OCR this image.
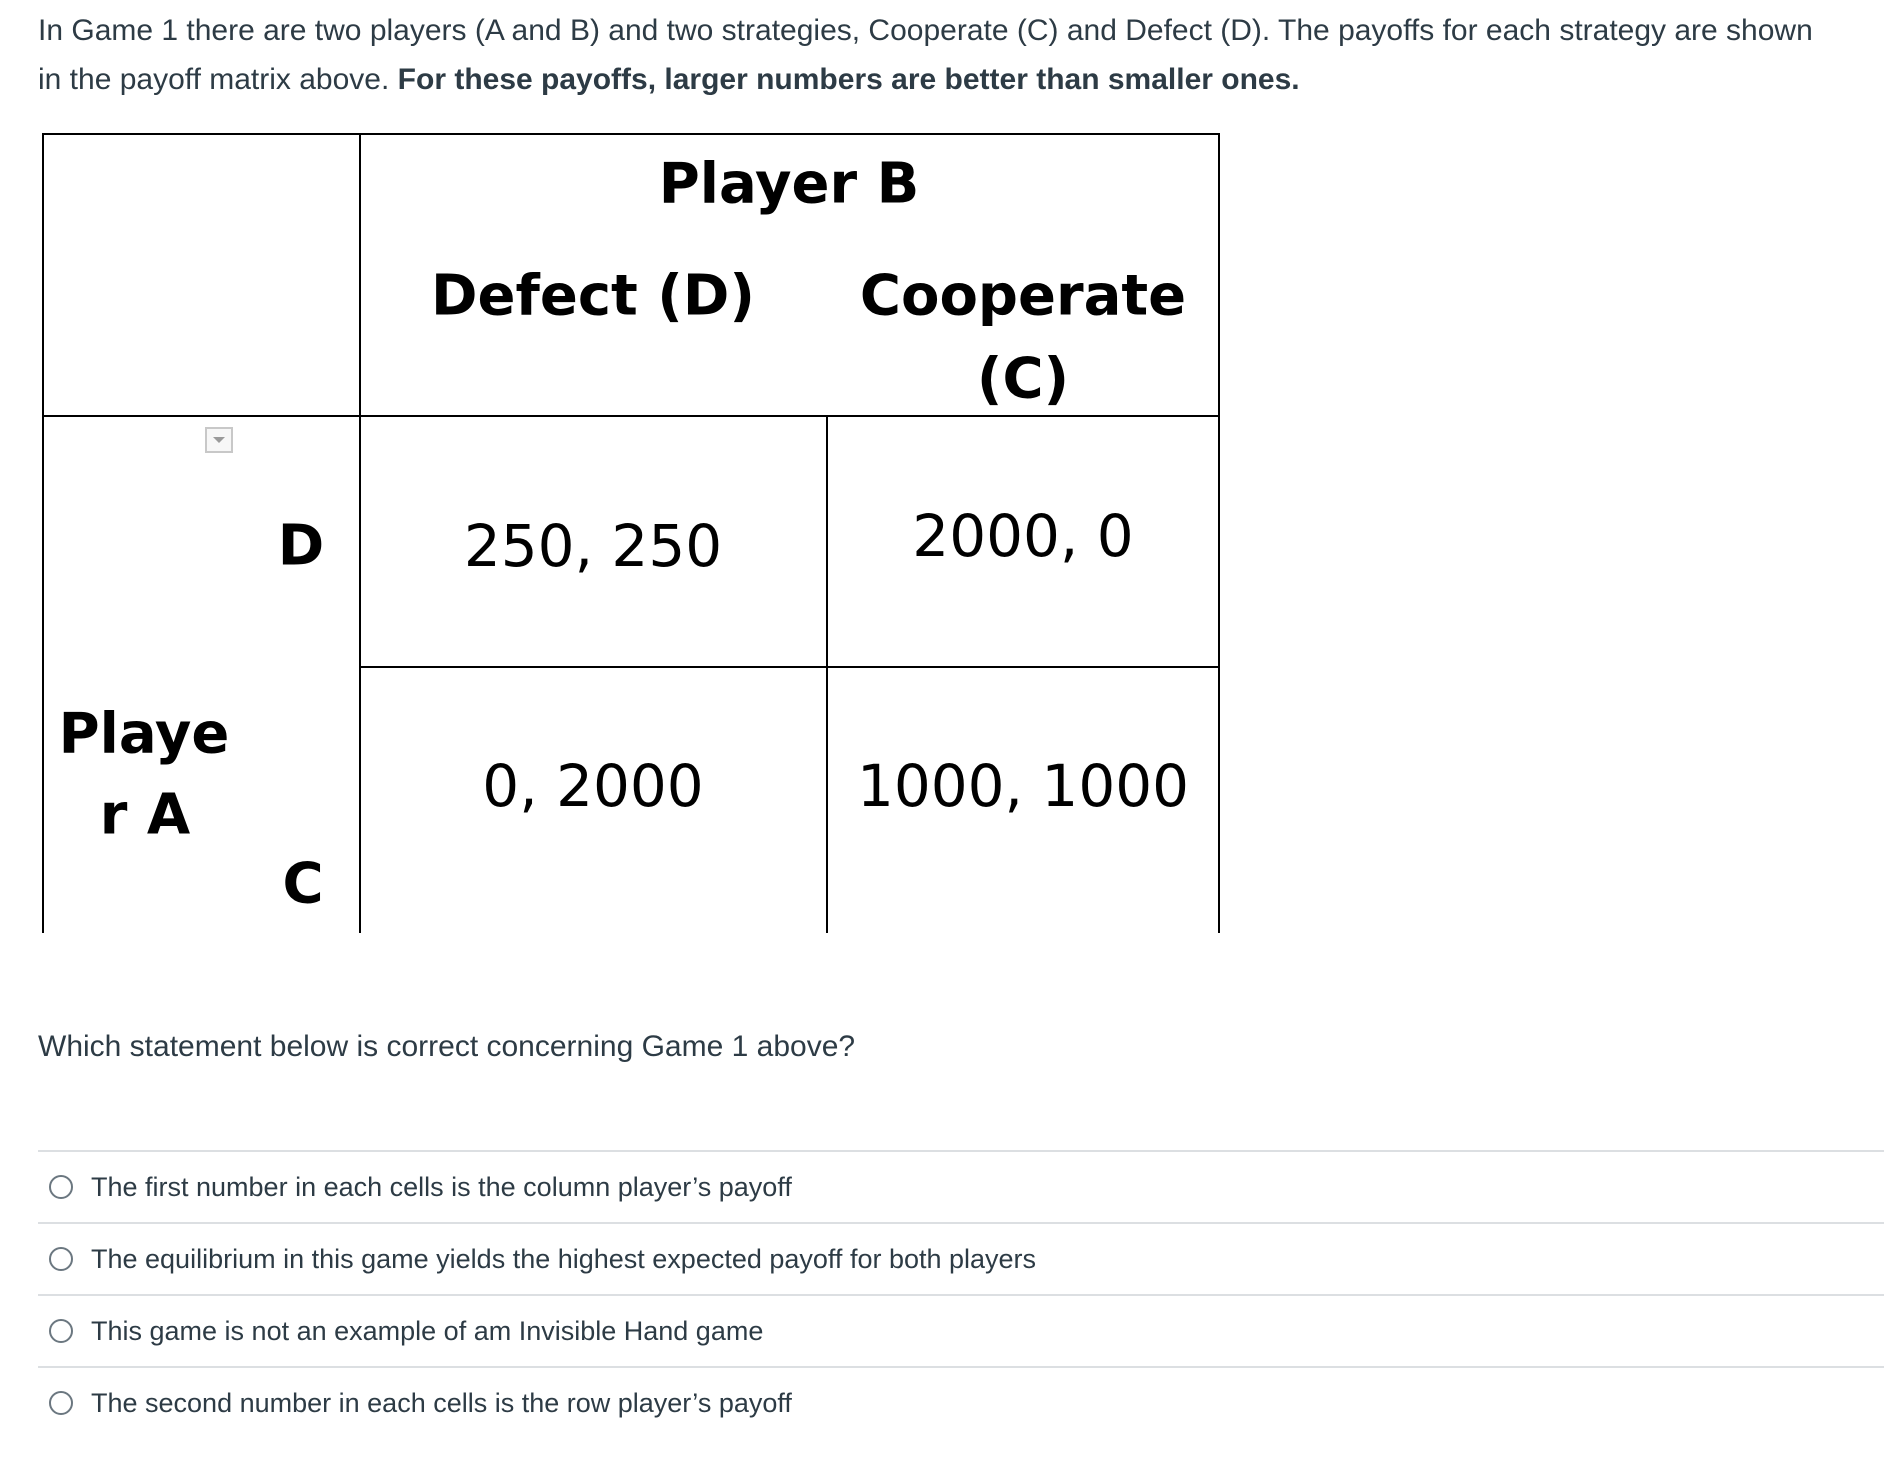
In Game 1 there are two players (A and B) and two strategies, Cooperate (C) and Defect (D). The payoffs for each strategy are shown in the payoff matrix above. For these payoffs, larger numbers are better than smaller ones.
Player B
Defect (D) Cooperate
(C)
D
Playe
r A
C
250, 250	2000, 0
0, 2000	1000, 1000
Which statement below is correct concerning Game 1 above?
The first number in each cells is the column player’s payoff
The equilibrium in this game yields the highest expected payoff for both players
This game is not an example of am Invisible Hand game
The second number in each cells is the row player’s payoff
